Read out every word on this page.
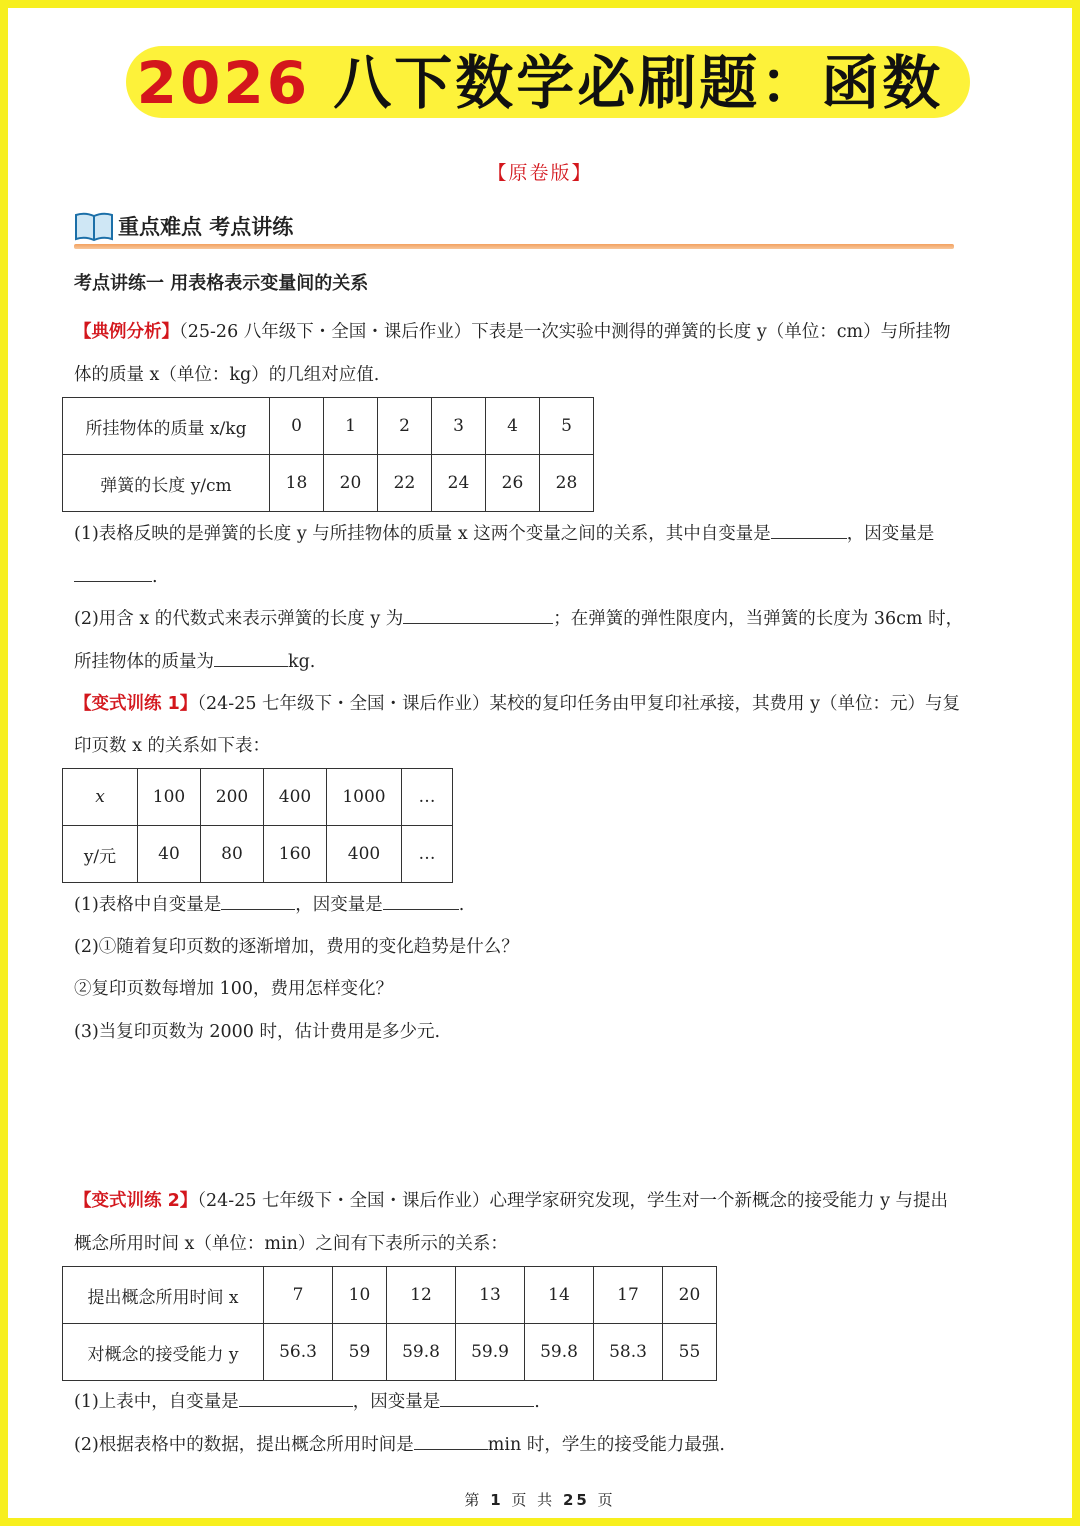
2026 八下数学必刷题：函数
【原卷版】
重点难点 考点讲练
考点讲练一 用表格表示变量间的关系
【典例分析】（25-26 八年级下・全国・课后作业）下表是一次实验中测得的弹簧的长度 y（单位：cm）与所挂物
体的质量 x（单位：kg）的几组对应值.
所挂物体的质量 x/kg	0	1	2	3	4	5
弹簧的长度 y/cm	18	20	22	24	26	28
(1)表格反映的是弹簧的长度 y 与所挂物体的质量 x 这两个变量之间的关系，其中自变量是	，因变量是
.
(2)用含 x 的代数式来表示弹簧的长度 y 为	；在弹簧的弹性限度内，当弹簧的长度为 36cm 时，
所挂物体的质量为	kg.
【变式训练 1】（24-25 七年级下・全国・课后作业）某校的复印任务由甲复印社承接，其费用 y（单位：元）与复
印页数 x 的关系如下表：
x	100	200	400	1000	…
y/元	40	80	160	400	…
(1)表格中自变量是	，因变量是	.
(2)①随着复印页数的逐渐增加，费用的变化趋势是什么？
②复印页数每增加 100，费用怎样变化？
(3)当复印页数为 2000 时，估计费用是多少元.
【变式训练 2】（24-25 七年级下・全国・课后作业）心理学家研究发现，学生对一个新概念的接受能力 y 与提出
概念所用时间 x（单位：min）之间有下表所示的关系：
提出概念所用时间 x	7	10	12	13	14	17	20
对概念的接受能力 y	56.3	59	59.8	59.9	59.8	58.3	55
(1)上表中，自变量是	，因变量是	.
(2)根据表格中的数据，提出概念所用时间是	min 时，学生的接受能力最强.
第 1 页 共 25 页
